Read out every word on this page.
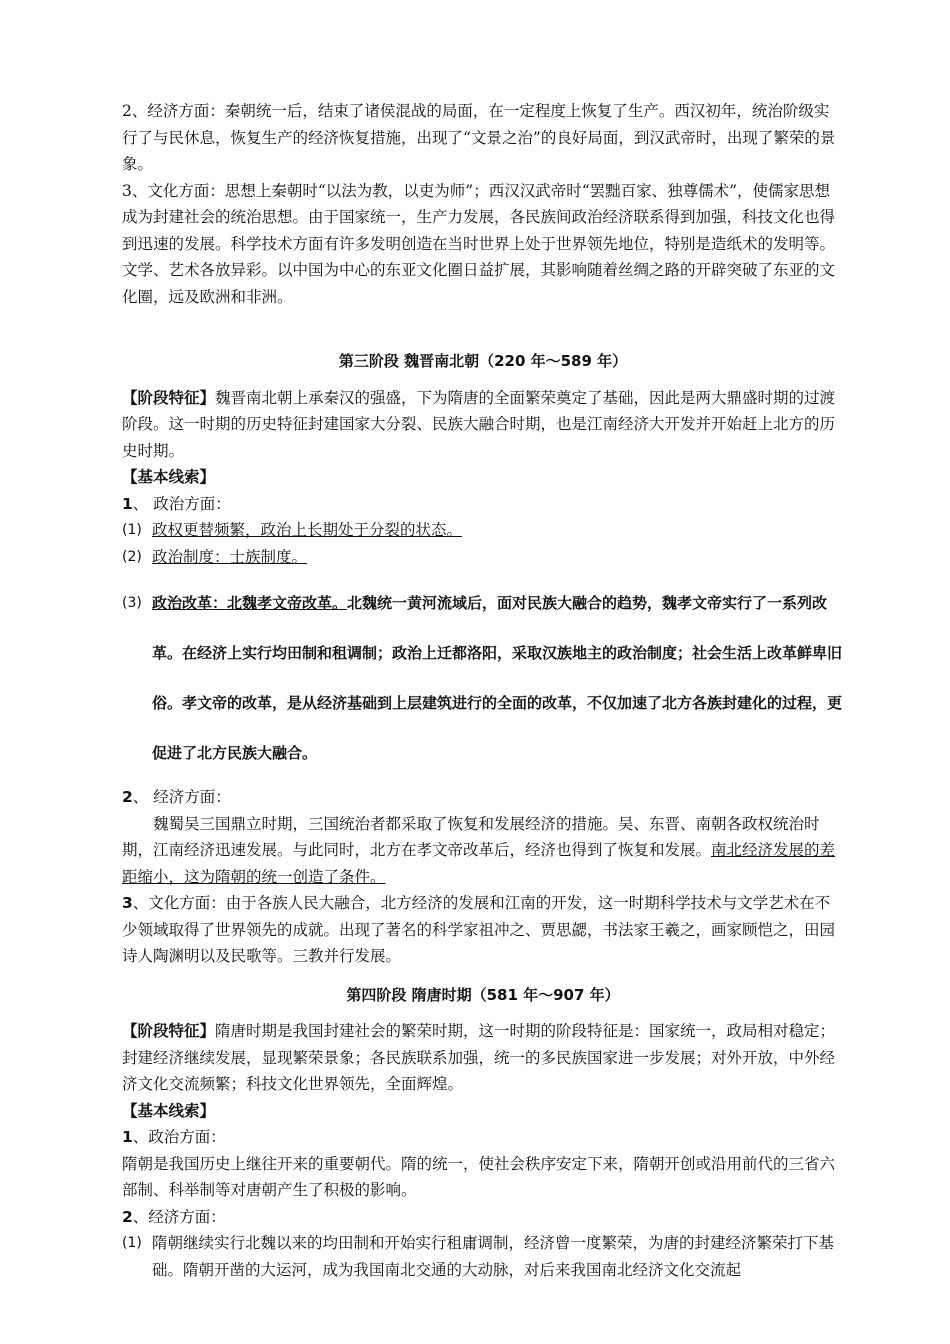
2、经济方面：秦朝统一后，结束了诸侯混战的局面，在一定程度上恢复了生产。西汉初年，统治阶级实行了与民休息，恢复生产的经济恢复措施，出现了“文景之治”的良好局面，到汉武帝时，出现了繁荣的景象。

3、文化方面：思想上秦朝时“以法为教，以吏为师”；西汉汉武帝时“罢黜百家、独尊儒术”，使儒家思想成为封建社会的统治思想。由于国家统一，生产力发展，各民族间政治经济联系得到加强，科技文化也得到迅速的发展。科学技术方面有许多发明创造在当时世界上处于世界领先地位，特别是造纸术的发明等。文学、艺术各放异彩。以中国为中心的东亚文化圈日益扩展，其影响随着丝绸之路的开辟突破了东亚的文化圈，远及欧洲和非洲。

第三阶段 魏晋南北朝（220 年～589 年）

【阶段特征】魏晋南北朝上承秦汉的强盛，下为隋唐的全面繁荣奠定了基础，因此是两大鼎盛时期的过渡阶段。这一时期的历史特征封建国家大分裂、民族大融合时期，也是江南经济大开发并开始赶上北方的历史时期。

【基本线索】

1、 政治方面：

(1) 政权更替频繁，政治上长期处于分裂的状态。

(2) 政治制度：士族制度。

(3) 政治改革：北魏孝文帝改革。北魏统一黄河流域后，面对民族大融合的趋势，魏孝文帝实行了一系列改革。在经济上实行均田制和租调制；政治上迁都洛阳，采取汉族地主的政治制度；社会生活上改革鲜卑旧俗。孝文帝的改革，是从经济基础到上层建筑进行的全面的改革，不仅加速了北方各族封建化的过程，更促进了北方民族大融合。

2、 经济方面：

魏蜀吴三国鼎立时期，三国统治者都采取了恢复和发展经济的措施。吴、东晋、南朝各政权统治时期，江南经济迅速发展。与此同时，北方在孝文帝改革后，经济也得到了恢复和发展。南北经济发展的差距缩小，这为隋朝的统一创造了条件。

3、文化方面：由于各族人民大融合，北方经济的发展和江南的开发，这一时期科学技术与文学艺术在不少领域取得了世界领先的成就。出现了著名的科学家祖冲之、贾思勰，书法家王羲之，画家顾恺之，田园诗人陶渊明以及民歌等。三教并行发展。

第四阶段 隋唐时期（581 年～907 年）

【阶段特征】隋唐时期是我国封建社会的繁荣时期，这一时期的阶段特征是：国家统一，政局相对稳定；封建经济继续发展，显现繁荣景象；各民族联系加强，统一的多民族国家进一步发展；对外开放，中外经济文化交流频繁；科技文化世界领先，全面辉煌。

【基本线索】

1、政治方面：

隋朝是我国历史上继往开来的重要朝代。隋的统一，使社会秩序安定下来，隋朝开创或沿用前代的三省六部制、科举制等对唐朝产生了积极的影响。

2、经济方面：

(1) 隋朝继续实行北魏以来的均田制和开始实行租庸调制，经济曾一度繁荣，为唐的封建经济繁荣打下基础。隋朝开凿的大运河，成为我国南北交通的大动脉，对后来我国南北经济文化交流起
